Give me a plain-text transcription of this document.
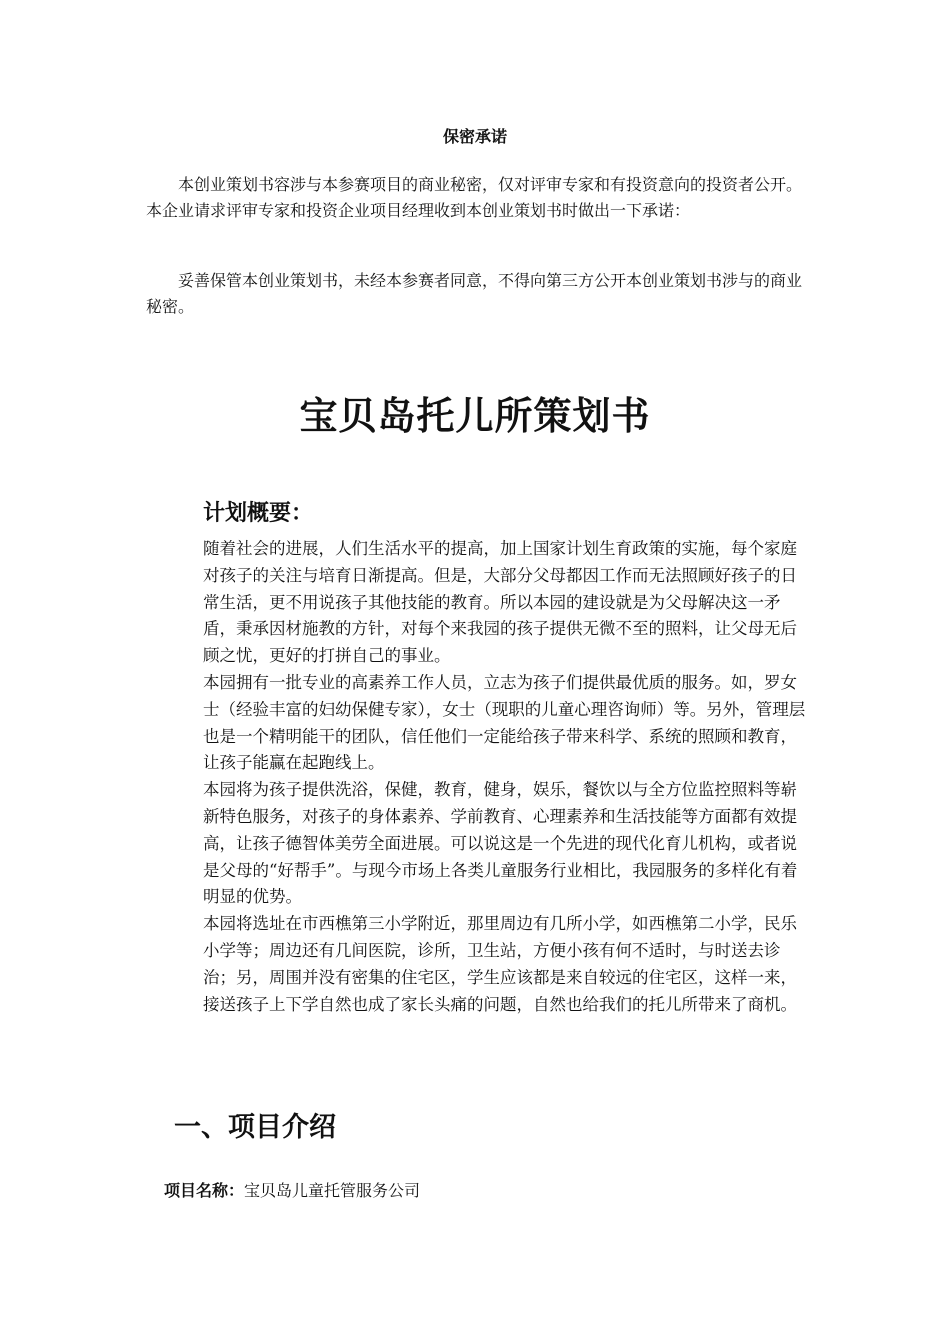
保密承诺

本创业策划书容涉与本参赛项目的商业秘密，仅对评审专家和有投资意向的投资者公开。本企业请求评审专家和投资企业项目经理收到本创业策划书时做出一下承诺：

妥善保管本创业策划书，未经本参赛者同意，不得向第三方公开本创业策划书涉与的商业秘密。

宝贝岛托儿所策划书
计划概要：

随着社会的进展，人们生活水平的提高，加上国家计划生育政策的实施，每个家庭对孩子的关注与培育日渐提高。但是，大部分父母都因工作而无法照顾好孩子的日常生活，更不用说孩子其他技能的教育。所以本园的建设就是为父母解决这一矛盾，秉承因材施教的方针，对每个来我园的孩子提供无微不至的照料，让父母无后顾之忧，更好的打拼自己的事业。

本园拥有一批专业的高素养工作人员，立志为孩子们提供最优质的服务。如，罗女士（经验丰富的妇幼保健专家），女士（现职的儿童心理咨询师）等。另外，管理层也是一个精明能干的团队，信任他们一定能给孩子带来科学、系统的照顾和教育，让孩子能赢在起跑线上。

本园将为孩子提供洗浴，保健，教育，健身，娱乐，餐饮以与全方位监控照料等崭新特色服务，对孩子的身体素养、学前教育、心理素养和生活技能等方面都有效提高，让孩子德智体美劳全面进展。可以说这是一个先进的现代化育儿机构，或者说是父母的“好帮手”。与现今市场上各类儿童服务行业相比，我园服务的多样化有着明显的优势。

本园将选址在市西樵第三小学附近，那里周边有几所小学，如西樵第二小学，民乐小学等；周边还有几间医院，诊所，卫生站，方便小孩有何不适时，与时送去诊治；另，周围并没有密集的住宅区，学生应该都是来自较远的住宅区，这样一来，接送孩子上下学自然也成了家长头痛的问题，自然也给我们的托儿所带来了商机。

一、项目介绍
项目名称：宝贝岛儿童托管服务公司
